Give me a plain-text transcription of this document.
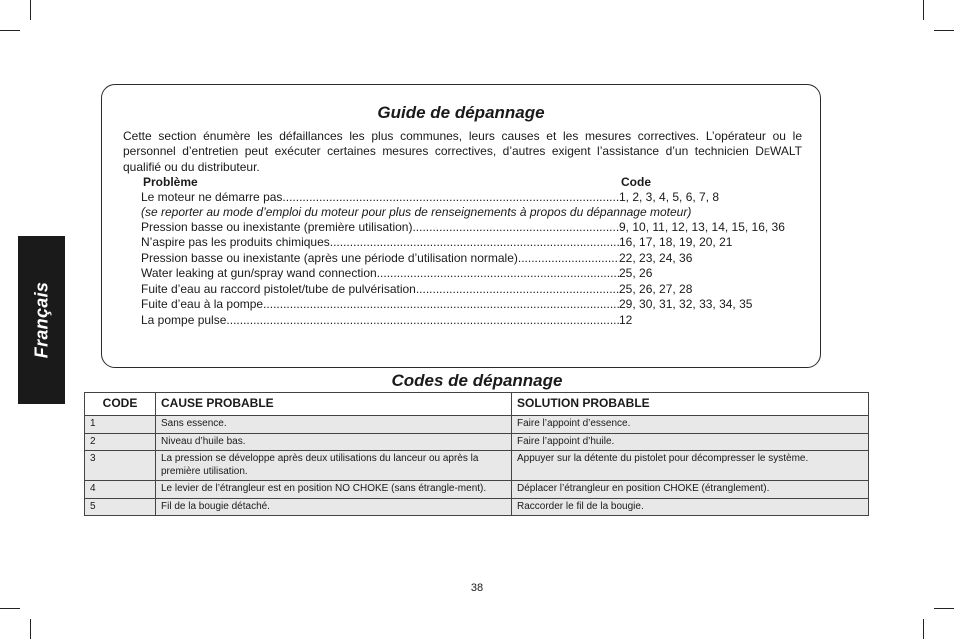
Français
Guide de dépannage
Cette section énumère les défaillances les plus communes, leurs causes et les mesures correctives. L’opérateur ou le personnel d’entretien peut exécuter certaines mesures correctives, d’autres exigent l’assistance d’un technicien DEWALT qualifié ou du distributeur.
Problème	Code
Le moteur ne démarre pas .....	1, 2, 3, 4, 5, 6, 7, 8
(se reporter au mode d’emploi du moteur pour plus de renseignements à propos du dépannage moteur)
Pression basse ou inexistante (première utilisation) .....	9, 10, 11, 12, 13, 14, 15, 16, 36
N’aspire pas les produits chimiques .....	16, 17, 18, 19, 20, 21
Pression basse ou inexistante (après une période d’utilisation normale) .....	22, 23, 24, 36
Water leaking at gun/spray wand connection .....	25, 26
Fuite d’eau au raccord pistolet/tube de pulvérisation .....	25, 26, 27, 28
Fuite d’eau à la pompe .....	29, 30, 31, 32, 33, 34, 35
La pompe pulse .....	12
Codes de dépannage
CODE	CAUSE PROBABLE	SOLUTION PROBABLE
1	Sans essence.	Faire l’appoint d’essence.
2	Niveau d’huile bas.	Faire l’appoint d’huile.
3	La pression se développe après deux utilisations du lanceur ou après la première utilisation.	Appuyer sur la détente du pistolet pour décompresser le système.
4	Le levier de l’étrangleur est en position NO CHOKE (sans étrangle-ment).	Déplacer l’étrangleur en position CHOKE (étranglement).
5	Fil de la bougie détaché.	Raccorder le fil de la bougie.
38
